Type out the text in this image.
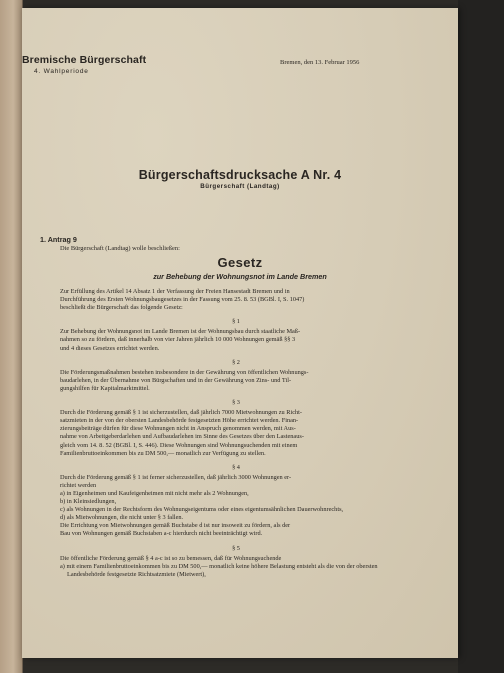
Bremische Bürgerschaft
4. Wahlperiode
Bremen, den 13. Februar 1956
Bürgerschaftsdrucksache A Nr. 4
Bürgerschaft (Landtag)
1. Antrag 9
Die Bürgerschaft (Landtag) wolle beschließen:
Gesetz
zur Behebung der Wohnungsnot im Lande Bremen

Zur Erfüllung des Artikel 14 Absatz 1 der Verfassung der Freien Hansestadt Bremen und in

Durchführung des Ersten Wohnungsbaugesetzes in der Fassung vom 25. 8. 53 (BGBl. I, S. 1047)

beschließt die Bürgerschaft das folgende Gesetz:

§ 1

Zur Behebung der Wohnungsnot im Lande Bremen ist der Wohnungsbau durch staatliche Maß-

nahmen so zu fördern, daß innerhalb von vier Jahren jährlich 10 000 Wohnungen gemäß §§ 3

und 4 dieses Gesetzes errichtet werden.

§ 2

Die Förderungsmaßnahmen bestehen insbesondere in der Gewährung von öffentlichen Wohnungs-

baudarlehen, in der Übernahme von Bürgschaften und in der Gewährung von Zins- und Til-

gungshilfen für Kapitalmarktmittel.

§ 3

Durch die Förderung gemäß § 1 ist sicherzustellen, daß jährlich 7000 Mietwohnungen zu Richt-

satzmieten in der von der obersten Landesbehörde festgesetzten Höhe errichtet werden. Finan-

zierungsbeiträge dürfen für diese Wohnungen nicht in Anspruch genommen werden, mit Aus-

nahme von Arbeitgeberdarlehen und Aufbaudarlehen im Sinne des Gesetzes über den Lastenaus-

gleich vom 14. 8. 52 (BGBl. I, S. 446). Diese Wohnungen sind Wohnungsuchenden mit einem

Familienbruttoeinkommen bis zu DM 500,— monatlich zur Verfügung zu stellen.

§ 4

Durch die Förderung gemäß § 1 ist ferner sicherzustellen, daß jährlich 3000 Wohnungen er-

richtet werden

a) in Eigenheimen und Kaufeigenheimen mit nicht mehr als 2 Wohnungen,

b) in Kleinsiedlungen,

c) als Wohnungen in der Rechtsform des Wohnungseigentums oder eines eigentumsähnlichen Dauerwohnrechts,

d) als Mietwohnungen, die nicht unter § 3 fallen.

Die Errichtung von Mietwohnungen gemäß Buchstabe d ist nur insoweit zu fördern, als der

Bau von Wohnungen gemäß Buchstaben a-c hierdurch nicht beeinträchtigt wird.

§ 5

Die öffentliche Förderung gemäß § 4 a-c ist so zu bemessen, daß für Wohnungsuchende

a) mit einem Familienbruttoeinkommen bis zu DM 500,— monatlich keine höhere Belastung entsteht als die von der obersten Landesbehörde festgesetzte Richtsatzmiete (Mietwert),
